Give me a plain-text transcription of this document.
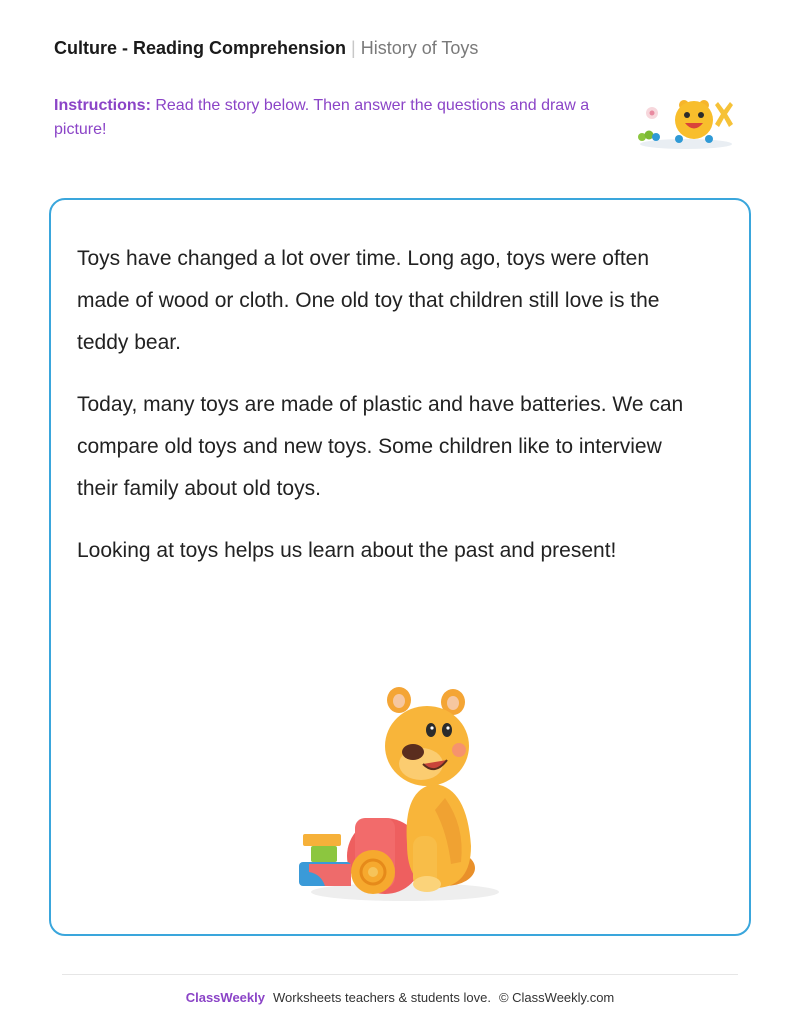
Culture - Reading Comprehension | History of Toys
Instructions: Read the story below. Then answer the questions and draw a picture!

Toys have changed a lot over time. Long ago, toys were often made of wood or cloth. One old toy that children still love is the teddy bear.

Today, many toys are made of plastic and have batteries. We can compare old toys and new toys. Some children like to interview their family about old toys.

Looking at toys helps us learn about the past and present!

ClassWeekly Worksheets teachers & students love. © ClassWeekly.com
